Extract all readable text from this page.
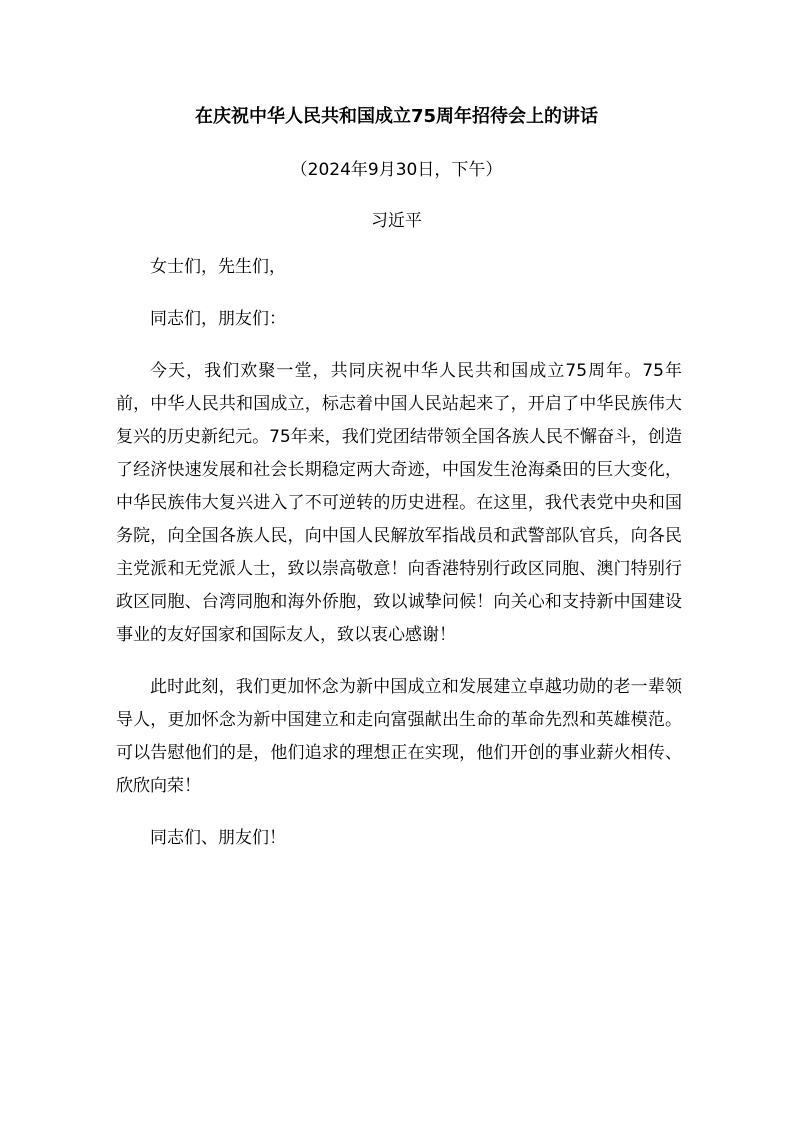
在庆祝中华人民共和国成立75周年招待会上的讲话
（2024年9月30日，下午）
习近平

女士们，先生们，

同志们，朋友们：

今天，我们欢聚一堂，共同庆祝中华人民共和国成立75周年。75年前，中华人民共和国成立，标志着中国人民站起来了，开启了中华民族伟大复兴的历史新纪元。75年来，我们党团结带领全国各族人民不懈奋斗，创造了经济快速发展和社会长期稳定两大奇迹，中国发生沧海桑田的巨大变化，中华民族伟大复兴进入了不可逆转的历史进程。在这里，我代表党中央和国务院，向全国各族人民，向中国人民解放军指战员和武警部队官兵，向各民主党派和无党派人士，致以崇高敬意！向香港特别行政区同胞、澳门特别行政区同胞、台湾同胞和海外侨胞，致以诚挚问候！向关心和支持新中国建设事业的友好国家和国际友人，致以衷心感谢！

此时此刻，我们更加怀念为新中国成立和发展建立卓越功勋的老一辈领导人，更加怀念为新中国建立和走向富强献出生命的革命先烈和英雄模范。可以告慰他们的是，他们追求的理想正在实现，他们开创的事业薪火相传、欣欣向荣！

同志们、朋友们！
